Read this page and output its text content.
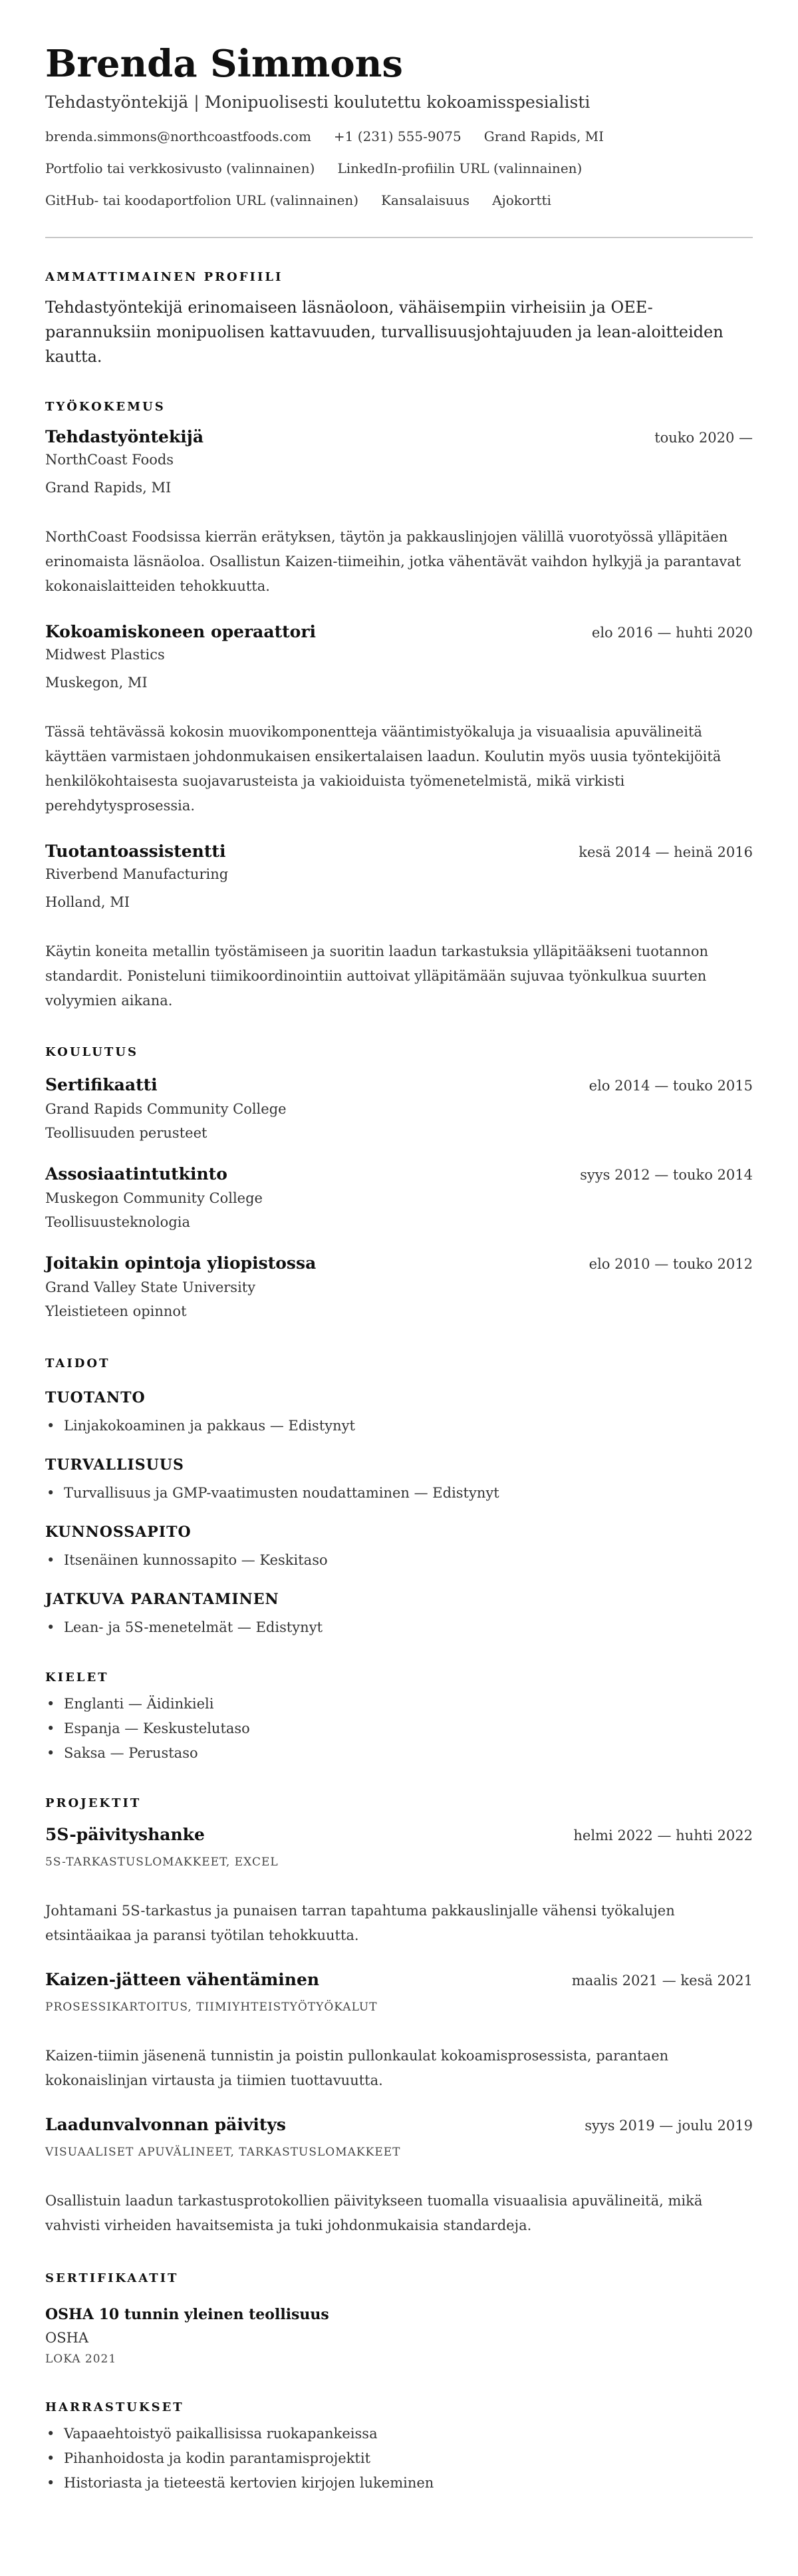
Brenda Simmons
Tehdastyöntekijä | Monipuolisesti koulutettu kokoamisspesialisti
brenda.simmons@northcoastfoods.com +1 (231) 555-9075 Grand Rapids, MI
Portfolio tai verkkosivusto (valinnainen) LinkedIn-profiilin URL (valinnainen)
GitHub- tai koodaportfolion URL (valinnainen) Kansalaisuus Ajokortti
AMMATTIMAINEN PROFIILI

Tehdastyöntekijä erinomaiseen läsnäoloon, vähäisempiin virheisiin ja OEE-parannuksiin monipuolisen kattavuuden, turvallisuusjohtajuuden ja lean-aloitteiden kautta.

TYÖKOKEMUS
Tehdastyöntekijä	touko 2020 —
NorthCoast Foods
Grand Rapids, MI

NorthCoast Foodsissa kierrän erätyksen, täytön ja pakkauslinjojen välillä vuorotyössä ylläpitäen erinomaista läsnäoloa. Osallistun Kaizen-tiimeihin, jotka vähentävät vaihdon hylkyjä ja parantavat kokonaislaitteiden tehokkuutta.

Kokoamiskoneen operaattori	elo 2016 — huhti 2020
Midwest Plastics
Muskegon, MI

Tässä tehtävässä kokosin muovikomponentteja vääntimistyökaluja ja visuaalisia apuvälineitä käyttäen varmistaen johdonmukaisen ensikertalaisen laadun. Koulutin myös uusia työntekijöitä henkilökohtaisesta suojavarusteista ja vakioiduista työmenetelmistä, mikä virkisti perehdytysprosessia.

Tuotantoassistentti	kesä 2014 — heinä 2016
Riverbend Manufacturing
Holland, MI

Käytin koneita metallin työstämiseen ja suoritin laadun tarkastuksia ylläpitääkseni tuotannon standardit. Ponisteluni tiimikoordinointiin auttoivat ylläpitämään sujuvaa työnkulkua suurten volyymien aikana.

KOULUTUS
Sertifikaatti	elo 2014 — touko 2015
Grand Rapids Community College
Teollisuuden perusteet
Assosiaatintutkinto	syys 2012 — touko 2014
Muskegon Community College
Teollisuusteknologia
Joitakin opintoja yliopistossa	elo 2010 — touko 2012
Grand Valley State University
Yleistieteen opinnot
TAIDOT
TUOTANTO
• Linjakokoaminen ja pakkaus — Edistynyt
TURVALLISUUS
• Turvallisuus ja GMP-vaatimusten noudattaminen — Edistynyt
KUNNOSSAPITO
• Itsenäinen kunnossapito — Keskitaso
JATKUVA PARANTAMINEN
• Lean- ja 5S-menetelmät — Edistynyt
KIELET
• Englanti — Äidinkieli
• Espanja — Keskustelutaso
• Saksa — Perustaso
PROJEKTIT
5S-päivityshanke	helmi 2022 — huhti 2022
5S-TARKASTUSLOMAKKEET, EXCEL

Johtamani 5S-tarkastus ja punaisen tarran tapahtuma pakkauslinjalle vähensi työkalujen etsintäaikaa ja paransi työtilan tehokkuutta.

Kaizen-jätteen vähentäminen	maalis 2021 — kesä 2021
PROSESSIKARTOITUS, TIIMIYHTEISTYÖTYÖKALUT

Kaizen-tiimin jäsenenä tunnistin ja poistin pullonkaulat kokoamisprosessista, parantaen kokonaislinjan virtausta ja tiimien tuottavuutta.

Laadunvalvonnan päivitys	syys 2019 — joulu 2019
VISUAALISET APUVÄLINEET, TARKASTUSLOMAKKEET

Osallistuin laadun tarkastusprotokollien päivitykseen tuomalla visuaalisia apuvälineitä, mikä vahvisti virheiden havaitsemista ja tuki johdonmukaisia standardeja.

SERTIFIKAATIT
OSHA 10 tunnin yleinen teollisuus
OSHA
LOKA 2021
HARRASTUKSET
• Vapaaehtoistyö paikallisissa ruokapankeissa
• Pihanhoidosta ja kodin parantamisprojektit
• Historiasta ja tieteestä kertovien kirjojen lukeminen
